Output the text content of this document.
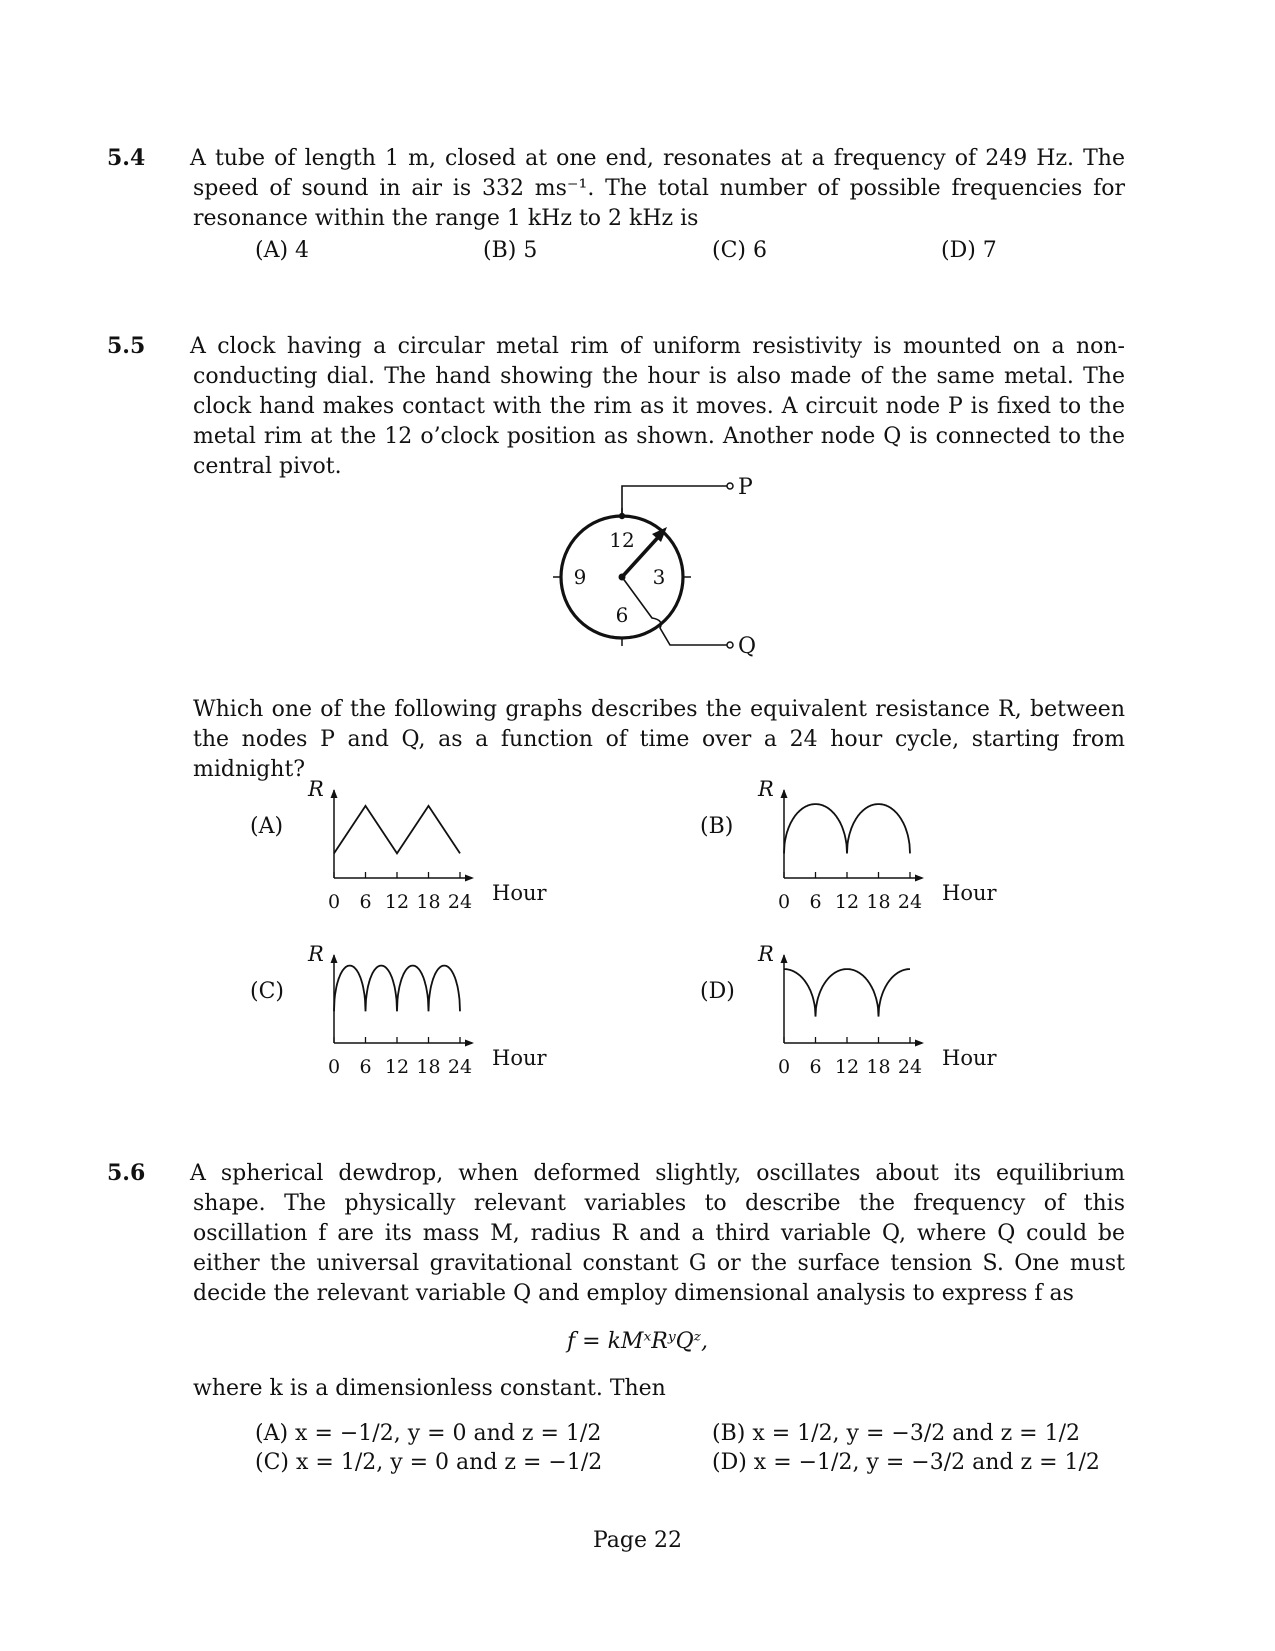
5.4 A tube of length 1 m, closed at one end, resonates at a frequency of 249 Hz. The speed of sound in air is 332 ms⁻¹. The total number of possible frequencies for resonance within the range 1 kHz to 2 kHz is
(A) 4	(B) 5	(C) 6	(D) 7
5.5 A clock having a circular metal rim of uniform resistivity is mounted on a non-conducting dial. The hand showing the hour is also made of the same metal. The clock hand makes contact with the rim as it moves. A circuit node P is fixed to the metal rim at the 12 o’clock position as shown. Another node Q is connected to the central pivot.
P
Q
12
3
6
9
Which one of the following graphs describes the equivalent resistance R, between the nodes P and Q, as a function of time over a 24 hour cycle, starting from midnight?
(A)
R
Hour
0 6 12 18 24
(B)
R
Hour
0 6 12 18 24
(C)
R
Hour
0 6 12 18 24
(D)
R
Hour
0 6 12 18 24
5.6 A spherical dewdrop, when deformed slightly, oscillates about its equilibrium shape. The physically relevant variables to describe the frequency of this oscillation f are its mass M, radius R and a third variable Q, where Q could be either the universal gravitational constant G or the surface tension S. One must decide the relevant variable Q and employ dimensional analysis to express f as
f = kMˣRʸQᶻ,
where k is a dimensionless constant. Then
(A) x = −1/2, y = 0 and z = 1/2	(B) x = 1/2, y = −3/2 and z = 1/2
(C) x = 1/2, y = 0 and z = −1/2	(D) x = −1/2, y = −3/2 and z = 1/2
Page 22
